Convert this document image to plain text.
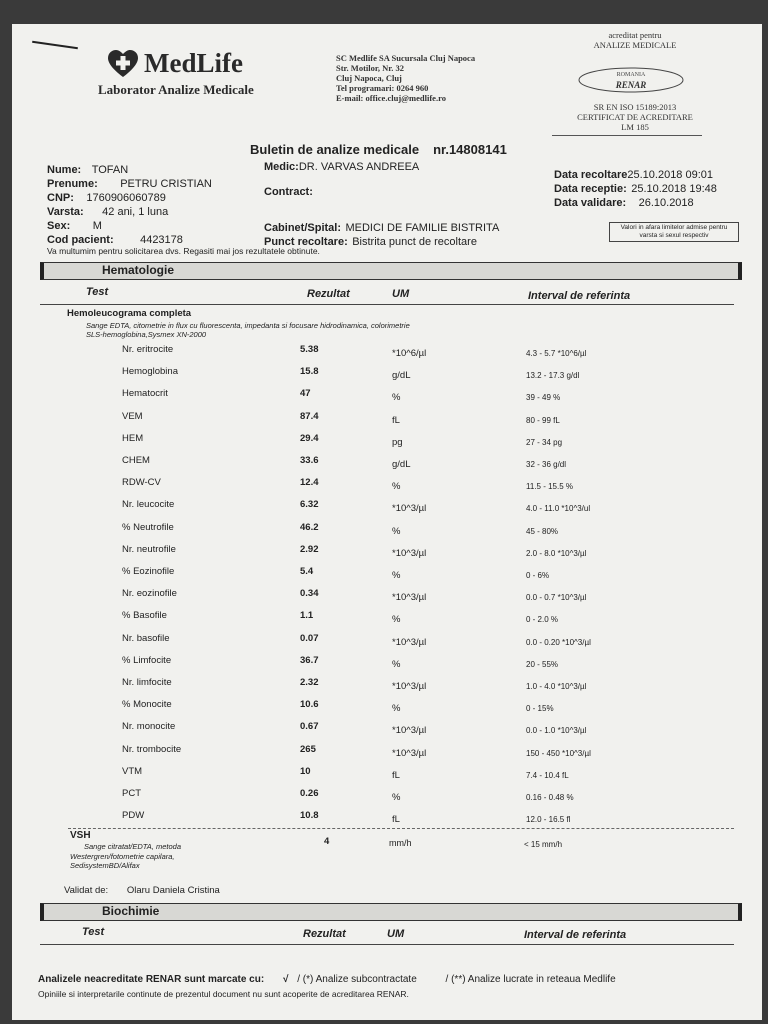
MedLife
Laborator Analize Medicale
SC Medlife SA Sucursala Cluj Napoca
Str. Motilor, Nr. 32
Cluj Napoca, Cluj
Tel programari: 0264 960
E-mail: office.cluj@medlife.ro
acreditat pentru
ANALIZE MEDICALE
ROMANIA
RENAR
SR EN ISO 15189:2013
CERTIFICAT DE ACREDITARE
LM 185
Buletin de analize medicale nr.14808141
Nume: TOFAN
Prenume: PETRU CRISTIAN
CNP: 1760906060789
Varsta: 42 ani, 1 luna
Sex: M
Cod pacient: 4423178
Medic:DR. VARVAS ANDREEA
Contract:
Cabinet/Spital: MEDICI DE FAMILIE BISTRITA
Punct recoltare: Bistrita punct de recoltare
Data recoltare25.10.2018 09:01
Data receptie: 25.10.2018 19:48
Data validare: 26.10.2018
Valori in afara limitelor admise pentru varsta si sexul respectiv
Va multumim pentru solicitarea dvs. Regasiti mai jos rezultatele obtinute.
Hematologie
Test	Rezultat	UM	Interval de referinta
Hemoleucograma completa
Sange EDTA, citometrie in flux cu fluorescenta, impedanta si focusare hidrodinamica, colorimetrie
SLS-hemoglobina,Sysmex XN-2000
Nr. eritrocite	5.38	*10^6/µl	4.3 - 5.7 *10^6/µl
Hemoglobina	15.8	g/dL	13.2 - 17.3 g/dl
Hematocrit	47	%	39 - 49 %
VEM	87.4	fL	80 - 99 fL
HEM	29.4	pg	27 - 34 pg
CHEM	33.6	g/dL	32 - 36 g/dl
RDW-CV	12.4	%	11.5 - 15.5 %
Nr. leucocite	6.32	*10^3/µl	4.0 - 11.0 *10^3/ul
% Neutrofile	46.2	%	45 - 80%
Nr. neutrofile	2.92	*10^3/µl	2.0 - 8.0 *10^3/µl
% Eozinofile	5.4	%	0 - 6%
Nr. eozinofile	0.34	*10^3/µl	0.0 - 0.7 *10^3/µl
% Basofile	1.1	%	0 - 2.0 %
Nr. basofile	0.07	*10^3/µl	0.0 - 0.20 *10^3/µl
% Limfocite	36.7	%	20 - 55%
Nr. limfocite	2.32	*10^3/µl	1.0 - 4.0 *10^3/µl
% Monocite	10.6	%	0 - 15%
Nr. monocite	0.67	*10^3/µl	0.0 - 1.0 *10^3/µl
Nr. trombocite	265	*10^3/µl	150 - 450 *10^3/µl
VTM	10	fL	7.4 - 10.4 fL
PCT	0.26	%	0.16 - 0.48 %
PDW	10.8	fL	12.0 - 16.5 fl
VSH
Sange citratat/EDTA, metoda
Westergren/fotometrie capilara,
SedisystemBD/Alifax
4	mm/h	< 15 mm/h
Validat de: Olaru Daniela Cristina
Biochimie
Test	Rezultat	UM	Interval de referinta
Analizele neacreditate RENAR sunt marcate cu: √ / (*) Analize subcontractate	/ (**) Analize lucrate in reteaua Medlife
Opiniile si interpretarile continute de prezentul document nu sunt acoperite de acreditarea RENAR.
